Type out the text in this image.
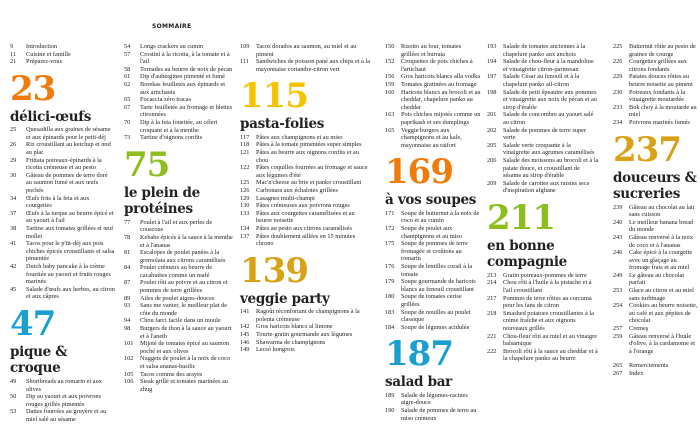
SOMMAIRE
9	Introduction
11	Cuisine et famille
21	Préparez-vous
23
délici-œufs
25	Quesadilla aux graines de sésame et aux épinards pour le petit-déj
26	Riz croustillant au ketchup et œuf au plat
29	Frittata poireaux-épinards à la ricotta crémeuse et au pesto
30	Gâteau de pommes de terre doré au saumon fumé et aux œufs pochés
34	Œufs frits à la feta et aux courgettes
37	Œufs à la turque au beurre épicé et au yaourt à l'ail
38	Tartine aux tomates grillées et œuf mollet
41	Tacos pour le p'tit-déj aux pois chiches épicés croustillants et salsa pimentée
42	Dutch baby pancake à la crème fouettée au yaourt et fruits rouges marinés
45	Salade d'œufs aux herbes, au citron et aux câpres
47
pique &
croque
49	Shortbreads au romarin et aux olives
50	Dip au yaourt et aux poivrons rouges grillés pimentés
53	Dattes fourrées au gruyère et au miel salé au sésame
54	Longs crackers au cumin
57	Crostini à la ricotta, à la tomate et à l'ail
58	Tornades au beurre de noix de pécan
61	Dip d'aubergines pimenté et fumé
62	Borekas feuilletés aux épinards et aux artichauts
65	Focaccia zéro tracas
67	Tarte feuilletée au fromage et blettes citronnées
70	Dip à la feta fouettée, au céleri croquant et à la menthe
73	Tartine d'oignons confits
75
le plein de
protéines
77	Poulet à l'ail et aux perles de couscous
78	Kebabs épicés à la sauce à la menthe et à l'ananas
81	Escalopes de poulet panées à la gremolata aux citrons caramélisés
84	Poulet crémeux au beurre de cacahuètes comme un mafé
87	Poulet rôti au poivre et au citron et pommes de terre grillées
89	Ailes de poulet aigres-douces
93	Sans me vanter, le meilleur plat de côte du monde
94	Chou farci facile dans un moule
98	Burgers de thon à la sauce au yaourt et à l'aneth
101	Mijoté de tomates épicé au saumon poché et aux olives
102	Nuggets de poulet à la noix de coco et salsa ananas-basilic
105	Tacos comme des arayes
106	Steak grillé et tomates marinées au zhug
109	Tacos dorados au saumon, au miel et au piment
111	Sandwiches de poisson pané aux chips et à la mayonnaise coriandre-citron vert
115
pasta-folies
117	Pâtes aux champignons et au miso
118	Pâtes à la tomate pimentées super simples
121	Pâtes au beurre aux oignons confits et au chou
122	Pâtes coquilles fourrées au fromage et sauce aux légumes d'été
125	Mac'n'cheese au brie et panko croustillant
126	Carbonara aux échalotes grillées
129	Lasagnes multi-champi
130	Pâtes crémeuses aux poivrons rouges
133	Pâtes aux courgettes caramélisées et au beurre noisette
134	Pâtes au pesto aux citrons caramélisés
137	Pâtes doublement aillées en 15 minutes chrono
139
veggie party
141	Ragoût réconfortant de champignons à la polenta crémeuse
142	Gros haricots blancs al limone
145	Tourte-gratin gourmande aux légumes
146	Shawarma de champignons
149	Lecsó hongrois
150	Risotto au four, tomates grillées et burrata
152	Croquettes de pois chiches à l'artichaut
156	Gros haricots blancs alla vodka
159	Tomates gratinées au fromage
160	Haricots blancs au brocoli et au cheddar, chapelure panko au cheddar
163	Pois chiches mijotés comme un paprikash et ses dumplings
165	Veggie burgers aux champignons et au kale, mayonnaise au raifort
169
à vos soupes
171	Soupe de butternut à la noix de coco et au cumin
172	Soupe de poulet aux champignons et au miso
175	Soupe de pommes de terre fromagée et croûtons au romarin
176	Soupe de lentilles corail à la tomate
179	Soupe gourmande de haricots blancs au fenouil croustillant
180	Soupe de tomates cerise grillées
183	Soupe de nouilles au poulet classique
184	Soupe de légumes acidulée
187
salad bar
189	Salade de légumes-racines aigre-douce
190	Salade de pommes de terre au miso crémeux
193	Salade de tomates anciennes à la chapelure panko aux anchois
194	Salade de chou-fleur à la mandoline et vinaigrette citron-parmesan
197	Salade César au fenouil et à la chapelure panko ail-citron
198	Salade de petit épeautre aux pommes et vinaigrette aux noix de pécan et au sirop d'érable
201	Salade de concombre au yaourt salé au citron
202	Salade de pommes de terre super verte
205	Salade verte croquante à la vinaigrette aux agrumes caramélisés
206	Salade des moissons au brocoli et à la patate douce, et croustillant de sésame au sirop d'érable
209	Salade de carottes aux raisins secs d'inspiration afghane
211
en bonne
compagnie
213	Gratin poireaux-pommes de terre
214	Chou rôti à l'huile à la pistache et à l'ail croustillant
217	Pommes de terre rôties au curcuma pour les fans de citron
218	Smashed potatoes croustillantes à la crème fraîche et aux oignons nouveaux grillés
221	Chou-fleur rôti au miel et au vinaigre balsamique
222	Brocoli rôti à la sauce au cheddar et à la chapelure panko au beurre
225	Butternut rôtie au pesto de graines de courge
226	Courgettes grillées aux citrons fondants
229	Patates douces rôties au beurre noisette au piment
230	Poireaux fondants à la vinaigrette moutardée
233	Bok choy à la moutarde au miel
234	Poivrons marinés fumés
237
douceurs &
sucreries
239	Gâteau au chocolat au lait sans cuisson
240	Le meilleur banana bread du monde
243	Gâteau renversé à la noix de coco et à l'ananas
246	Cake épicé à la courgette avec un glaçage au fromage frais et au miel
249	Le gâteau au chocolat parfait
253	Glace au citron et au miel sans turbinage
254	Cookies au beurre noisette, au café et aux pépites de chocolat
257	Cremeş
259	Gâteau renversé à l'huile d'olive, à la cardamome et à l'orange
265	Remerciements
267	Index
